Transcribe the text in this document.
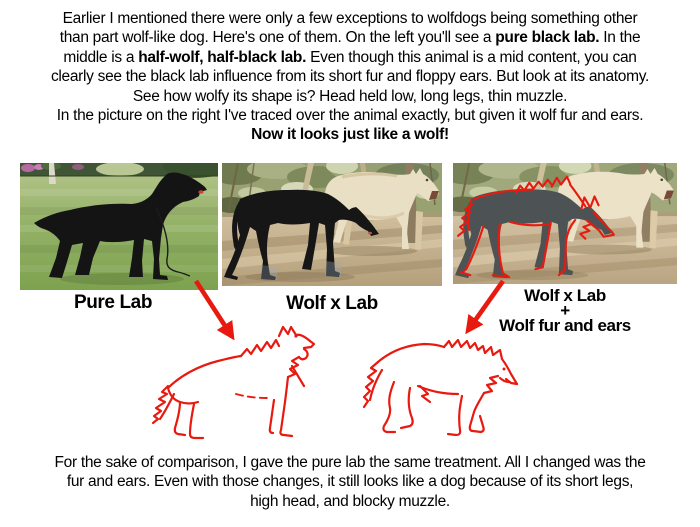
Earlier I mentioned there were only a few exceptions to wolfdogs being something other
than part wolf-like dog. Here's one of them. On the left you'll see a pure black lab. In the
middle is a half-wolf, half-black lab. Even though this animal is a mid content, you can
clearly see the black lab influence from its short fur and floppy ears. But look at its anatomy.
See how wolfy its shape is? Head held low, long legs, thin muzzle.
In the picture on the right I've traced over the animal exactly, but given it wolf fur and ears.
Now it looks just like a wolf!
Pure Lab	Wolf x Lab	Wolf x Lab
+
Wolf fur and ears
For the sake of comparison, I gave the pure lab the same treatment. All I changed was the
fur and ears. Even with those changes, it still looks like a dog because of its short legs,
high head, and blocky muzzle.
